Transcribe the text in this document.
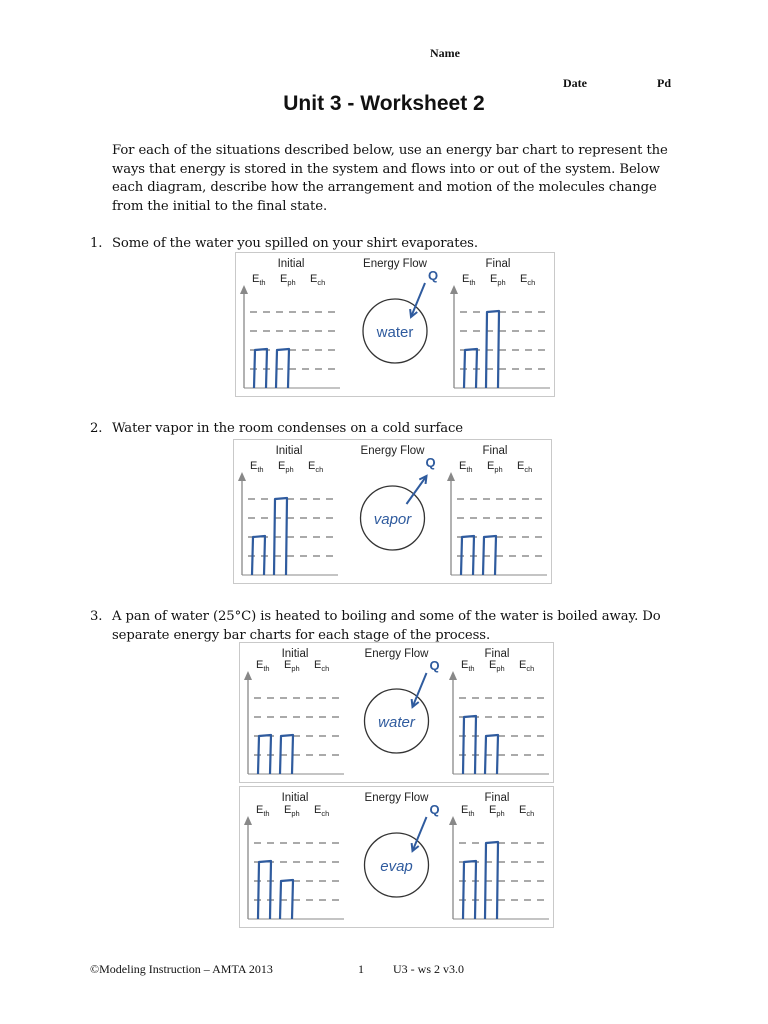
Name
Date	Pd
Unit 3 - Worksheet 2
For each of the situations described below, use an energy bar chart to represent the
ways that energy is stored in the system and flows into or out of the system. Below
each diagram, describe how the arrangement and motion of the molecules change
from the initial to the final state.
1. Some of the water you spilled on your shirt evaporates.
2. Water vapor in the room condenses on a cold surface
3. A pan of water (25°C) is heated to boiling and some of the water is boiled away. Do
separate energy bar charts for each stage of the process.
Initial	Energy Flow	Final
$E_{th}$ $E_{ph}$ $E_{ch}$	$E_{th}$ $E_{ph}$ $E_{ch}$
water
Q
Initial	Energy Flow	Final
$E_{th}$ $E_{ph}$ $E_{ch}$	$E_{th}$ $E_{ph}$ $E_{ch}$
vapor
Q
Initial	Energy Flow	Final
$E_{th}$ $E_{ph}$ $E_{ch}$	$E_{th}$ $E_{ph}$ $E_{ch}$
water
Q
Initial	Energy Flow	Final
$E_{th}$ $E_{ph}$ $E_{ch}$	$E_{th}$ $E_{ph}$ $E_{ch}$
evap
Q
©Modeling Instruction – AMTA 2013	1 U3 - ws 2 v3.0
